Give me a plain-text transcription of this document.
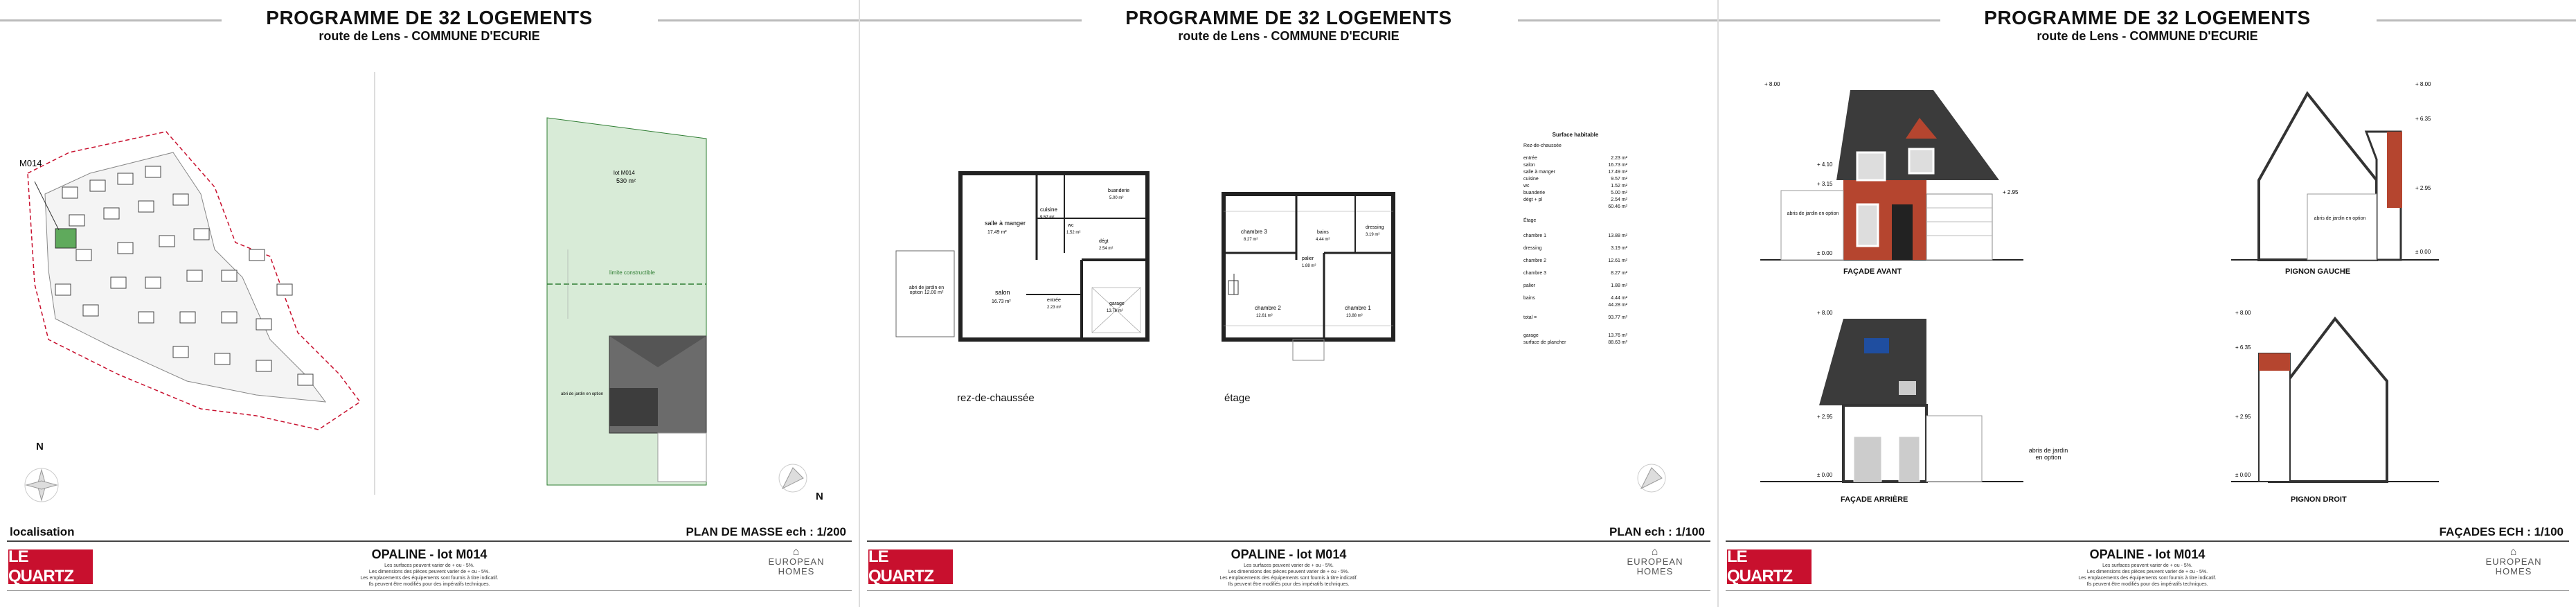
PROGRAMME DE 32 LOGEMENTS
route de Lens - COMMUNE D'ECURIE
M014
N
lot M014
530 m²
limite constructible
abri de jardin en option
N
localisation	PLAN DE MASSE ech : 1/200
LE QUARTZ
OPALINE - lot M014
Les surfaces peuvent varier de + ou - 5%.
Les dimensions des pièces peuvent varier de + ou - 5%.
Les emplacements des équipements sont fournis à titre indicatif.
Ils peuvent être modifiés pour des impératifs techniques.
⌂
EUROPEAN
HOMES
PROGRAMME DE 32 LOGEMENTS
route de Lens - COMMUNE D'ECURIE
abri de jardin en option 12.00 m²
salle à manger
17.49 m²
cuisine
9.57 m²
buanderie
5.00 m²
wc
1.52 m²
salon
16.73 m²	entrée
2.23 m²
dégt
2.54 m²
garage
13.76 m²
chambre 3
8.27 m²
bains
4.44 m²
dressing
3.19 m²
palier
1.88 m²
chambre 2
12.61 m²
chambre 1
13.88 m²
rez-de-chaussée	étage
Surface habitable
Rez-de-chaussée
entrée	2.23 m²
salon	16.73 m²
salle à manger	17.49 m²
cuisine	9.57 m²
wc	1.52 m²
buanderie	5.00 m²
dégt + pl	2.54 m²
60.46 m²
Étage
chambre 1	13.88 m²
dressing	3.19 m²
chambre 2	12.61 m²
chambre 3	8.27 m²
palier	1.88 m²
bains	4.44 m²
44.28 m²
total =	93.77 m²
garage	13.76 m²
surface de plancher	88.63 m²
PLAN ech : 1/100
LE QUARTZ
OPALINE - lot M014
Les surfaces peuvent varier de + ou - 5%.
Les dimensions des pièces peuvent varier de + ou - 5%.
Les emplacements des équipements sont fournis à titre indicatif.
Ils peuvent être modifiés pour des impératifs techniques.
⌂
EUROPEAN
HOMES
PROGRAMME DE 32 LOGEMENTS
route de Lens - COMMUNE D'ECURIE
+ 8.00
+ 4.10
+ 3.15
+ 2.95
± 0.00
abris de jardin en option
FAÇADE AVANT
+ 8.00
+ 6.35
+ 2.95
± 0.00
abris de jardin en option
PIGNON GAUCHE
+ 8.00
+ 2.95
± 0.00
abris de jardin en option
FAÇADE ARRIÈRE
+ 8.00
+ 6.35
+ 2.95
± 0.00
PIGNON DROIT
FAÇADES ECH : 1/100
LE QUARTZ
OPALINE - lot M014
Les surfaces peuvent varier de + ou - 5%.
Les dimensions des pièces peuvent varier de + ou - 5%.
Les emplacements des équipements sont fournis à titre indicatif.
Ils peuvent être modifiés pour des impératifs techniques.
⌂
EUROPEAN
HOMES
